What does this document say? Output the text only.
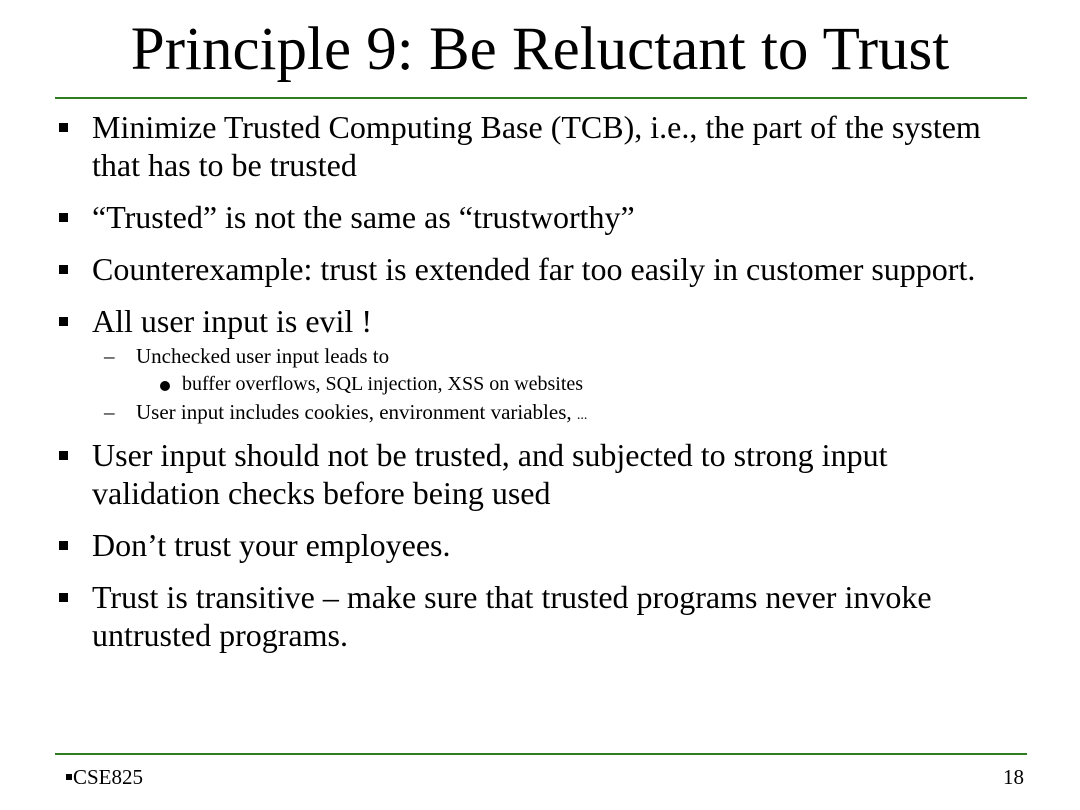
Principle 9: Be Reluctant to Trust
Minimize Trusted Computing Base (TCB), i.e., the part of the system that has to be trusted
“Trusted” is not the same as “trustworthy”
Counterexample: trust is extended far too easily in customer support.
All user input is evil !
– Unchecked user input leads to
buffer overflows, SQL injection, XSS on websites
– User input includes cookies, environment variables, ...
User input should not be trusted, and subjected to strong input validation checks before being used
Don’t trust your employees.
Trust is transitive – make sure that trusted programs never invoke untrusted programs.
CSE825	18
